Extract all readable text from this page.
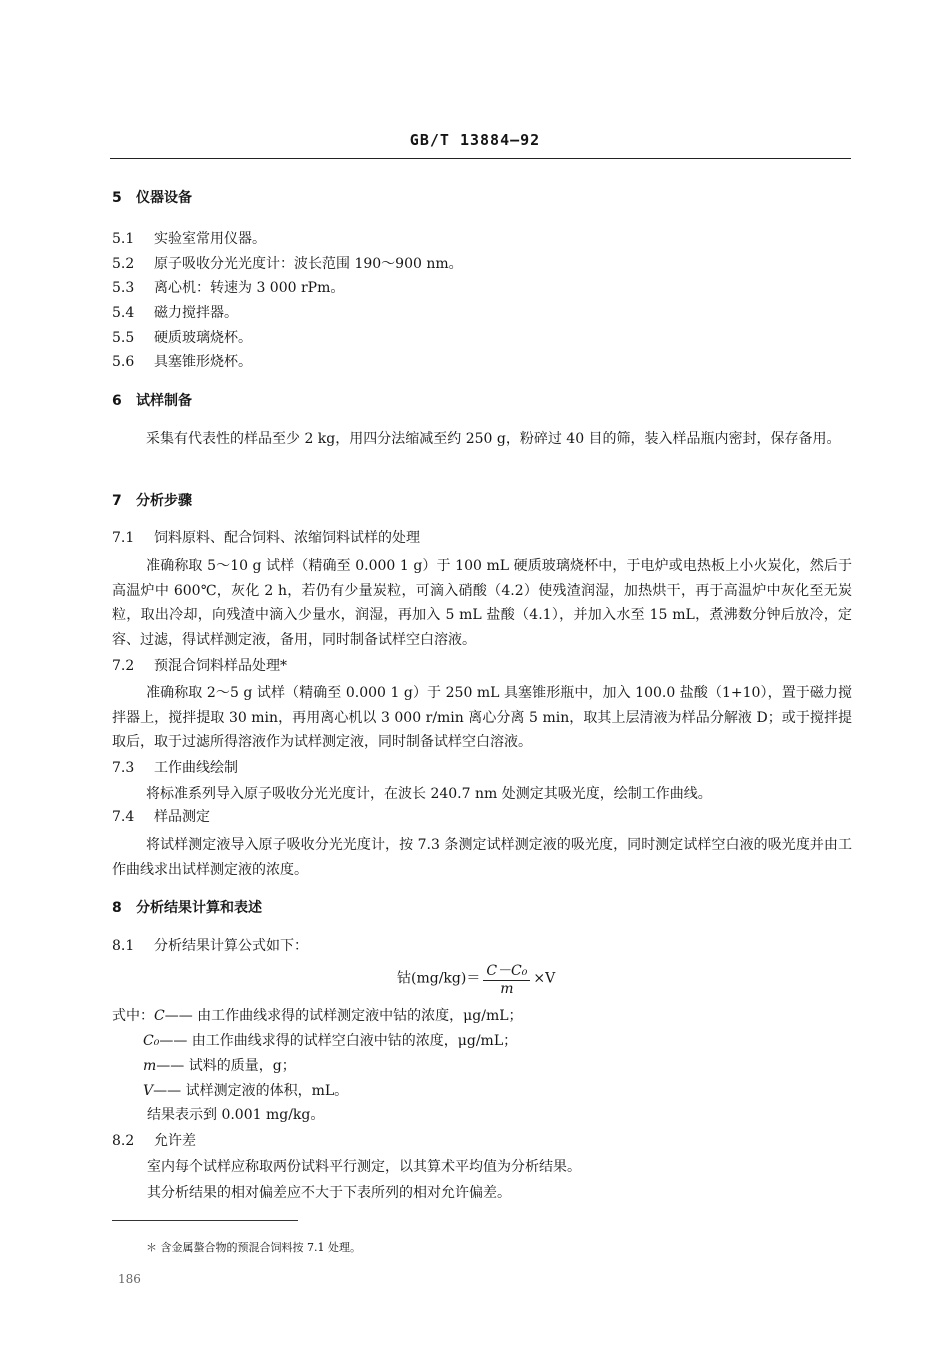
GB/T 13884—92
5 仪器设备
5.1 实验室常用仪器。
5.2 原子吸收分光光度计：波长范围 190～900 nm。
5.3 离心机：转速为 3 000 rPm。
5.4 磁力搅拌器。
5.5 硬质玻璃烧杯。
5.6 具塞锥形烧杯。
6 试样制备
采集有代表性的样品至少 2 kg，用四分法缩减至约 250 g，粉碎过 40 目的筛，装入样品瓶内密封，保存备用。
7 分析步骤
7.1 饲料原料、配合饲料、浓缩饲料试样的处理
准确称取 5～10 g 试样（精确至 0.000 1 g）于 100 mL 硬质玻璃烧杯中，于电炉或电热板上小火炭化，然后于高温炉中 600℃，灰化 2 h，若仍有少量炭粒，可滴入硝酸（4.2）使残渣润湿，加热烘干，再于高温炉中灰化至无炭粒，取出冷却，向残渣中滴入少量水，润湿，再加入 5 mL 盐酸（4.1），并加入水至 15 mL，煮沸数分钟后放冷，定容、过滤，得试样测定液，备用，同时制备试样空白溶液。
7.2 预混合饲料样品处理*
准确称取 2～5 g 试样（精确至 0.000 1 g）于 250 mL 具塞锥形瓶中，加入 100.0 盐酸（1+10），置于磁力搅拌器上，搅拌提取 30 min，再用离心机以 3 000 r/min 离心分离 5 min，取其上层清液为样品分解液 D；或于搅拌提取后，取于过滤所得溶液作为试样测定液，同时制备试样空白溶液。
7.3 工作曲线绘制
将标准系列导入原子吸收分光光度计，在波长 240.7 nm 处测定其吸光度，绘制工作曲线。
7.4 样品测定
将试样测定液导入原子吸收分光光度计，按 7.3 条测定试样测定液的吸光度，同时测定试样空白液的吸光度并由工作曲线求出试样测定液的浓度。
8 分析结果计算和表述
8.1 分析结果计算公式如下：
钴$(mg/kg)= \frac{\text{C－C₀}}{m} \times V$
式中：C—— 由工作曲线求得的试样测定液中钴的浓度，μg/mL；
C₀—— 由工作曲线求得的试样空白液中钴的浓度，μg/mL；
m—— 试料的质量，g；
V—— 试样测定液的体积，mL。
结果表示到 0.001 mg/kg。
8.2 允许差
室内每个试样应称取两份试料平行测定，以其算术平均值为分析结果。
其分析结果的相对偏差应不大于下表所列的相对允许偏差。
＊ 含金属螯合物的预混合饲料按 7.1 处理。
186
